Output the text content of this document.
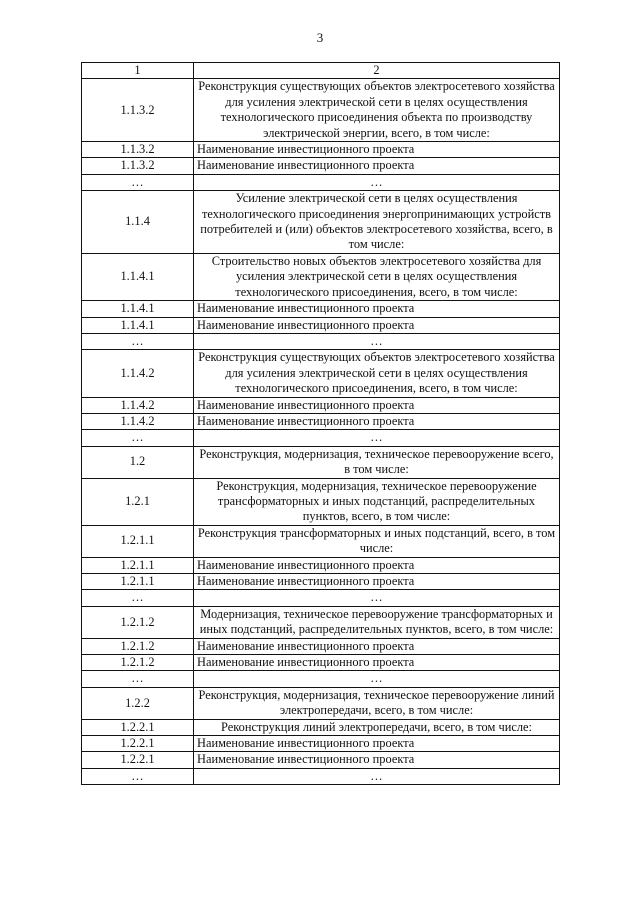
3
1	2
1.1.3.2	Реконструкция существующих объектов электросетевого хозяйства для усиления электрической сети в целях осуществления технологического присоединения объекта по производству электрической энергии, всего, в том числе:
1.1.3.2	Наименование инвестиционного проекта
1.1.3.2	Наименование инвестиционного проекта
…	…
1.1.4	Усиление электрической сети в целях осуществления технологического присоединения энергопринимающих устройств потребителей и (или) объектов электросетевого хозяйства, всего, в том числе:
1.1.4.1	Строительство новых объектов электросетевого хозяйства для усиления электрической сети в целях осуществления технологического присоединения, всего, в том числе:
1.1.4.1	Наименование инвестиционного проекта
1.1.4.1	Наименование инвестиционного проекта
…	…
1.1.4.2	Реконструкция существующих объектов электросетевого хозяйства для усиления электрической сети в целях осуществления технологического присоединения, всего, в том числе:
1.1.4.2	Наименование инвестиционного проекта
1.1.4.2	Наименование инвестиционного проекта
…	…
1.2	Реконструкция, модернизация, техническое перевооружение всего, в том числе:
1.2.1	Реконструкция, модернизация, техническое перевооружение трансформаторных и иных подстанций, распределительных пунктов, всего, в том числе:
1.2.1.1	Реконструкция трансформаторных и иных подстанций, всего, в том числе:
1.2.1.1	Наименование инвестиционного проекта
1.2.1.1	Наименование инвестиционного проекта
…	…
1.2.1.2	Модернизация, техническое перевооружение трансформаторных и иных подстанций, распределительных пунктов, всего, в том числе:
1.2.1.2	Наименование инвестиционного проекта
1.2.1.2	Наименование инвестиционного проекта
…	…
1.2.2	Реконструкция, модернизация, техническое перевооружение линий электропередачи, всего, в том числе:
1.2.2.1	Реконструкция линий электропередачи, всего, в том числе:
1.2.2.1	Наименование инвестиционного проекта
1.2.2.1	Наименование инвестиционного проекта
…	…
